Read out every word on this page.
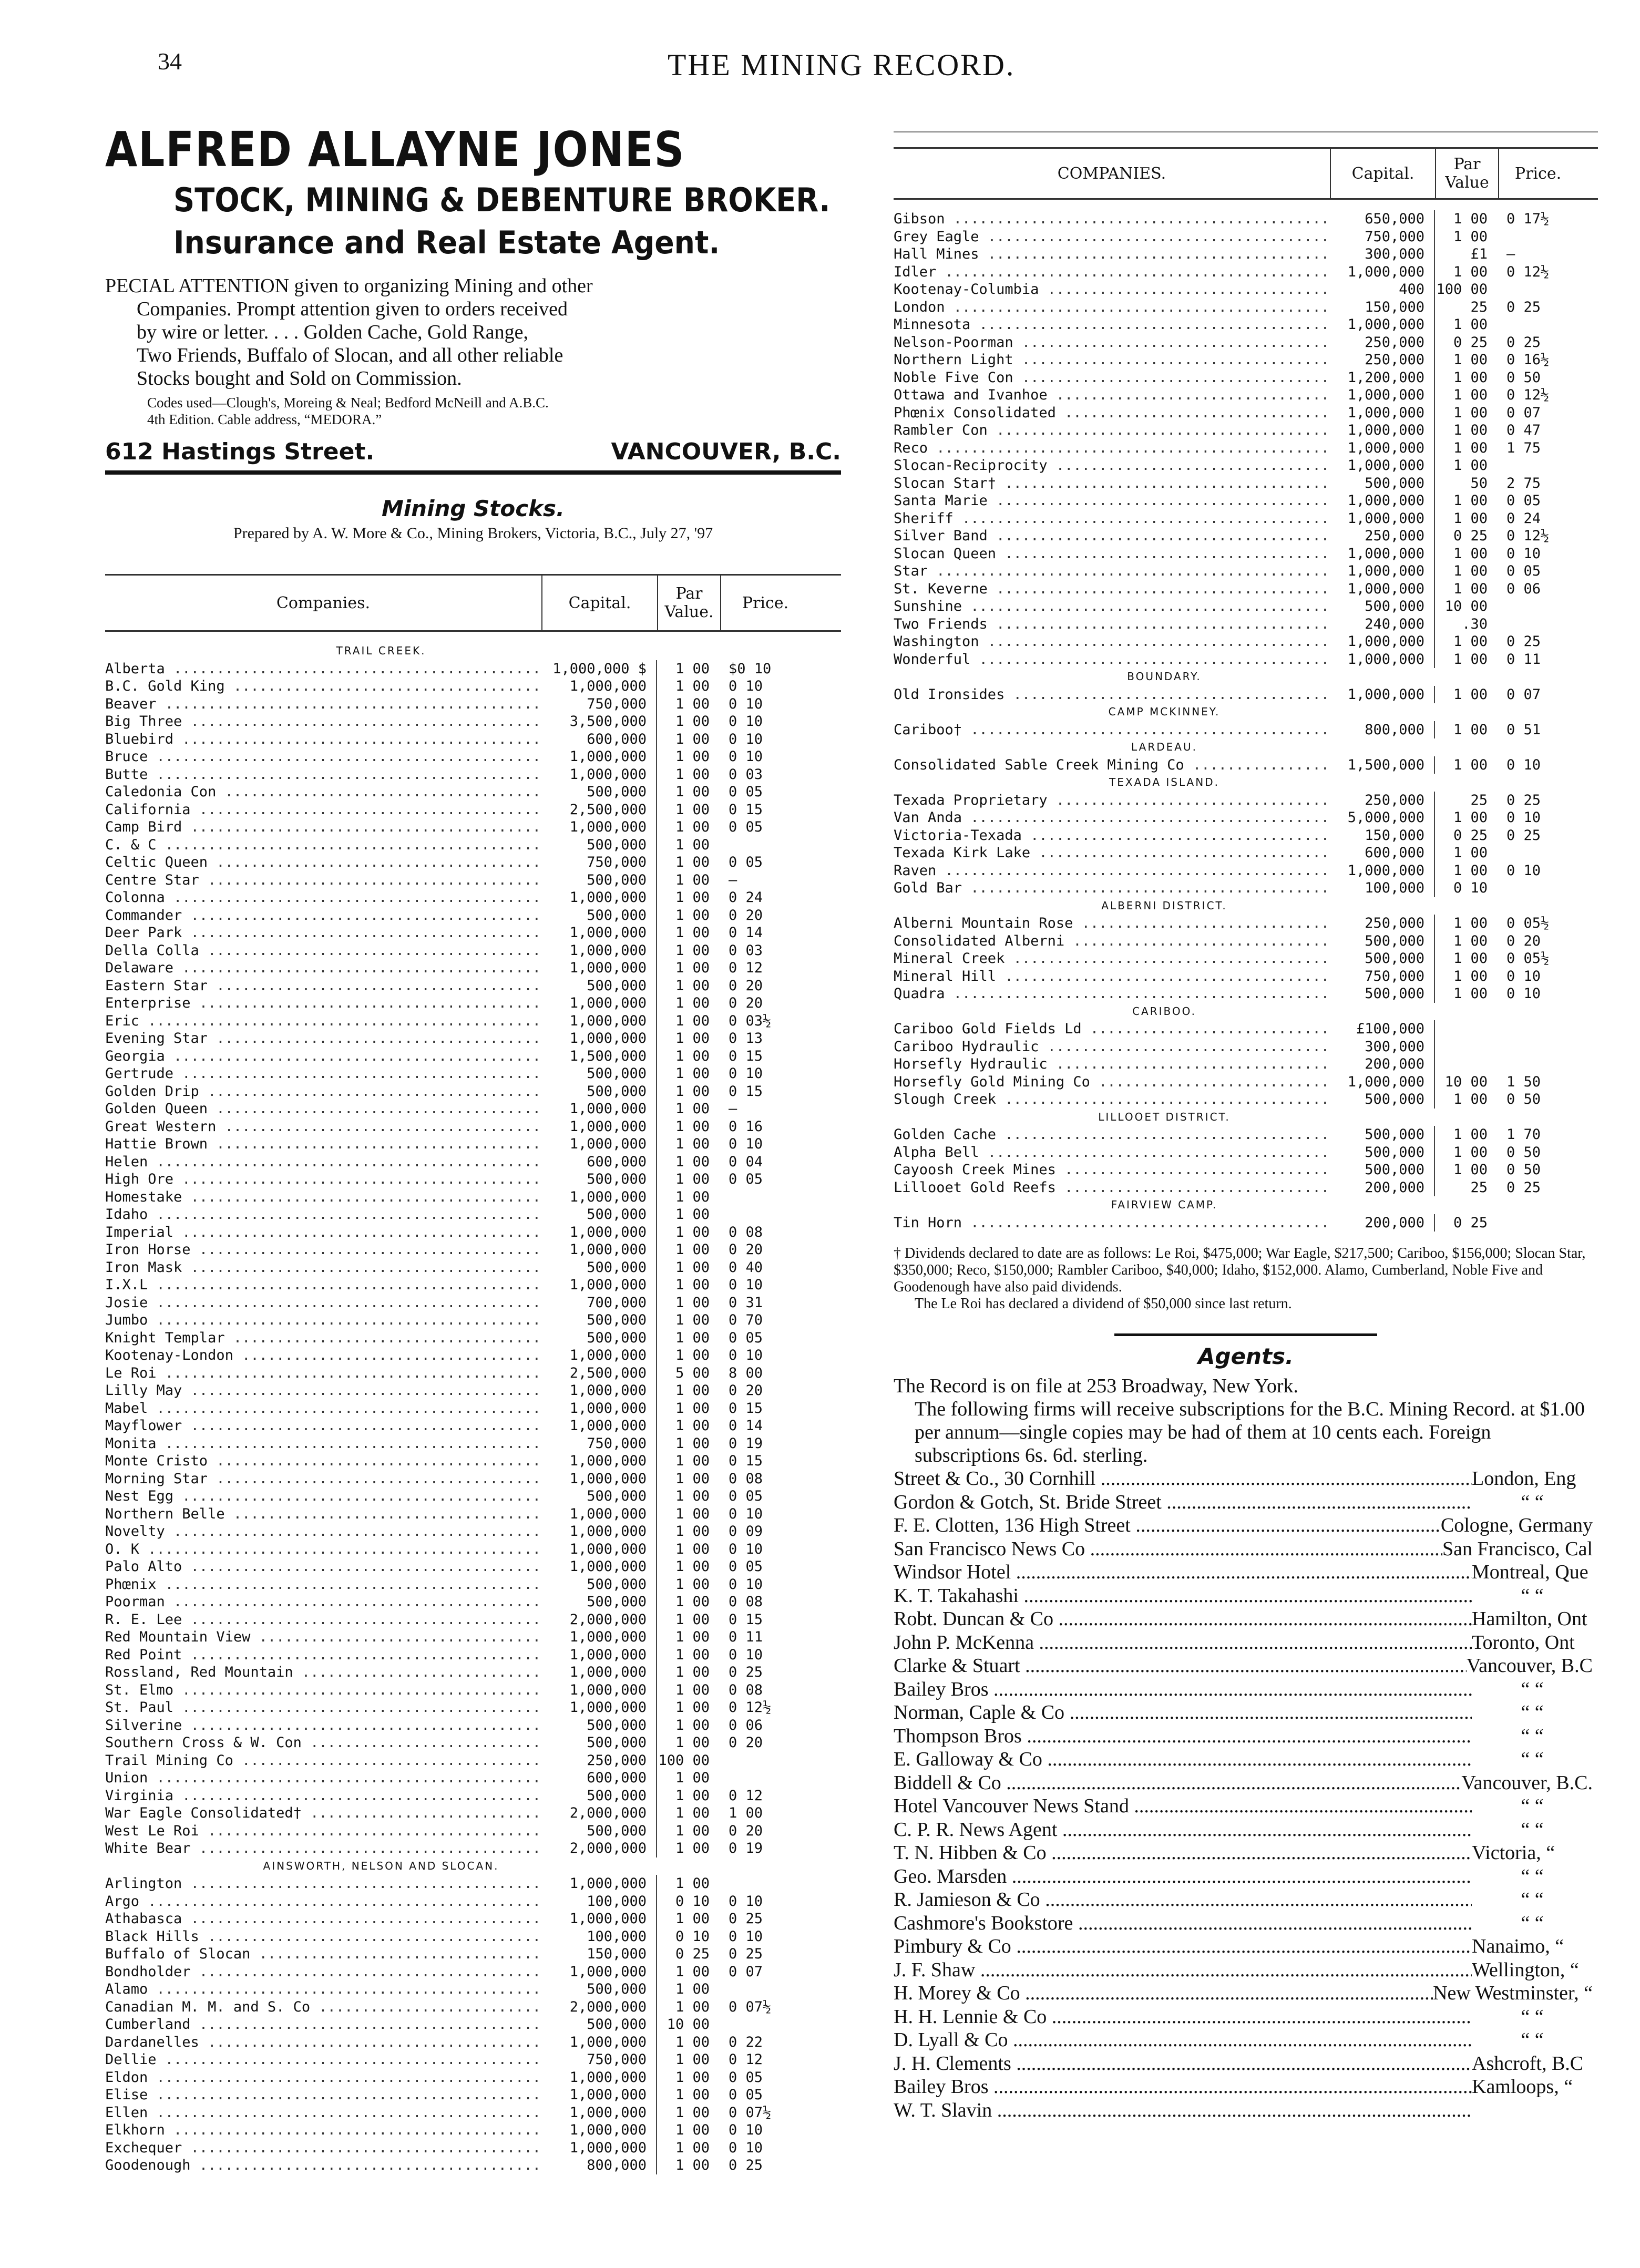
34	THE MINING RECORD.
ALFRED ALLAYNE JONES
STOCK, MINING & DEBENTURE BROKER.
Insurance and Real Estate Agent.

PECIAL ATTENTION given to organizing Mining and other

Companies. Prompt attention given to orders received

by wire or letter. . . . Golden Cache, Gold Range,

Two Friends, Buffalo of Slocan, and all other reliable

Stocks bought and Sold on Commission.

Codes used—Clough's, Moreing & Neal; Bedford McNeill and A.B.C.
4th Edition. Cable address, “MEDORA.”
612 Hastings Street.	VANCOUVER, B.C.
Mining Stocks.
Prepared by A. W. More & Co., Mining Brokers, Victoria, B.C., July 27, '97
Companies.	Capital.	Par Value.	Price.
TRAIL CREEK.
Alberta .....	1,000,000 $	1 00	$0 10
B.C. Gold King .....	1,000,000	1 00	0 10
Beaver .....	750,000	1 00	0 10
Big Three .....	3,500,000	1 00	0 10
Bluebird .....	600,000	1 00	0 10
Bruce .....	1,000,000	1 00	0 10
Butte .....	1,000,000	1 00	0 03
Caledonia Con .....	500,000	1 00	0 05
California .....	2,500,000	1 00	0 15
Camp Bird .....	1,000,000	1 00	0 05
C. & C .....	500,000	1 00
Celtic Queen .....	750,000	1 00	0 05
Centre Star .....	500,000	1 00	—
Colonna .....	1,000,000	1 00	0 24
Commander .....	500,000	1 00	0 20
Deer Park .....	1,000,000	1 00	0 14
Della Colla .....	1,000,000	1 00	0 03
Delaware .....	1,000,000	1 00	0 12
Eastern Star .....	500,000	1 00	0 20
Enterprise .....	1,000,000	1 00	0 20
Eric .....	1,000,000	1 00	0 03½
Evening Star .....	1,000,000	1 00	0 13
Georgia .....	1,500,000	1 00	0 15
Gertrude .....	500,000	1 00	0 10
Golden Drip .....	500,000	1 00	0 15
Golden Queen .....	1,000,000	1 00	—
Great Western .....	1,000,000	1 00	0 16
Hattie Brown .....	1,000,000	1 00	0 10
Helen .....	600,000	1 00	0 04
High Ore .....	500,000	1 00	0 05
Homestake .....	1,000,000	1 00
Idaho .....	500,000	1 00
Imperial .....	1,000,000	1 00	0 08
Iron Horse .....	1,000,000	1 00	0 20
Iron Mask .....	500,000	1 00	0 40
I.X.L .....	1,000,000	1 00	0 10
Josie .....	700,000	1 00	0 31
Jumbo .....	500,000	1 00	0 70
Knight Templar .....	500,000	1 00	0 05
Kootenay-London .....	1,000,000	1 00	0 10
Le Roi .....	2,500,000	5 00	8 00
Lilly May .....	1,000,000	1 00	0 20
Mabel .....	1,000,000	1 00	0 15
Mayflower .....	1,000,000	1 00	0 14
Monita .....	750,000	1 00	0 19
Monte Cristo .....	1,000,000	1 00	0 15
Morning Star .....	1,000,000	1 00	0 08
Nest Egg .....	500,000	1 00	0 05
Northern Belle .....	1,000,000	1 00	0 10
Novelty .....	1,000,000	1 00	0 09
O. K .....	1,000,000	1 00	0 10
Palo Alto .....	1,000,000	1 00	0 05
Phœnix .....	500,000	1 00	0 10
Poorman .....	500,000	1 00	0 08
R. E. Lee .....	2,000,000	1 00	0 15
Red Mountain View .....	1,000,000	1 00	0 11
Red Point .....	1,000,000	1 00	0 10
Rossland, Red Mountain .....	1,000,000	1 00	0 25
St. Elmo .....	1,000,000	1 00	0 08
St. Paul .....	1,000,000	1 00	0 12½
Silverine .....	500,000	1 00	0 06
Southern Cross & W. Con .....	500,000	1 00	0 20
Trail Mining Co .....	250,000 100 00
Union .....	600,000	1 00
Virginia .....	500,000	1 00	0 12
War Eagle Consolidated† .....	2,000,000	1 00	1 00
West Le Roi .....	500,000	1 00	0 20
White Bear .....	2,000,000	1 00	0 19
AINSWORTH, NELSON AND SLOCAN.
Arlington .....	1,000,000	1 00
Argo .....	100,000	0 10	0 10
Athabasca .....	1,000,000	1 00	0 25
Black Hills .....	100,000	0 10	0 10
Buffalo of Slocan .....	150,000	0 25	0 25
Bondholder .....	1,000,000	1 00	0 07
Alamo .....	500,000	1 00
Canadian M. M. and S. Co .....	2,000,000	1 00	0 07½
Cumberland .....	500,000	10 00
Dardanelles .....	1,000,000	1 00	0 22
Dellie .....	750,000	1 00	0 12
Eldon .....	1,000,000	1 00	0 05
Elise .....	1,000,000	1 00	0 05
Ellen .....	1,000,000	1 00	0 07½
Elkhorn .....	1,000,000	1 00	0 10
Exchequer .....	1,000,000	1 00	0 10
Goodenough .....	800,000	1 00	0 25
COMPANIES.	Capital.	Par Value	Price.
Gibson .....	650,000	1 00	0 17½
Grey Eagle .....	750,000	1 00
Hall Mines .....	300,000	£1	—
Idler .....	1,000,000	1 00	0 12½
Kootenay-Columbia .....	400 100 00
London .....	150,000	25	0 25
Minnesota .....	1,000,000	1 00
Nelson-Poorman .....	250,000	0 25	0 25
Northern Light .....	250,000	1 00	0 16½
Noble Five Con .....	1,200,000	1 00	0 50
Ottawa and Ivanhoe .....	1,000,000	1 00	0 12½
Phœnix Consolidated .....	1,000,000	1 00	0 07
Rambler Con .....	1,000,000	1 00	0 47
Reco .....	1,000,000	1 00	1 75
Slocan-Reciprocity .....	1,000,000	1 00
Slocan Star† .....	500,000	50	2 75
Santa Marie .....	1,000,000	1 00	0 05
Sheriff .....	1,000,000	1 00	0 24
Silver Band .....	250,000	0 25	0 12½
Slocan Queen .....	1,000,000	1 00	0 10
Star .....	1,000,000	1 00	0 05
St. Keverne .....	1,000,000	1 00	0 06
Sunshine .....	500,000	10 00
Two Friends .....	240,000	.30
Washington .....	1,000,000	1 00	0 25
Wonderful .....	1,000,000	1 00	0 11
BOUNDARY.
Old Ironsides .....	1,000,000	1 00	0 07
CAMP MCKINNEY.
Cariboo† .....	800,000	1 00	0 51
LARDEAU.
Consolidated Sable Creek Mining Co .....	1,500,000	1 00	0 10
TEXADA ISLAND.
Texada Proprietary .....	250,000	25	0 25
Van Anda .....	5,000,000	1 00	0 10
Victoria-Texada .....	150,000	0 25	0 25
Texada Kirk Lake .....	600,000	1 00
Raven .....	1,000,000	1 00	0 10
Gold Bar .....	100,000	0 10
ALBERNI DISTRICT.
Alberni Mountain Rose .....	250,000	1 00	0 05½
Consolidated Alberni .....	500,000	1 00	0 20
Mineral Creek .....	500,000	1 00	0 05½
Mineral Hill .....	750,000	1 00	0 10
Quadra .....	500,000	1 00	0 10
CARIBOO.
Cariboo Gold Fields Ld .....	£100,000
Cariboo Hydraulic .....	300,000
Horsefly Hydraulic .....	200,000
Horsefly Gold Mining Co .....	1,000,000	10 00	1 50
Slough Creek .....	500,000	1 00	0 50
LILLOOET DISTRICT.
Golden Cache .....	500,000	1 00	1 70
Alpha Bell .....	500,000	1 00	0 50
Cayoosh Creek Mines .....	500,000	1 00	0 50
Lillooet Gold Reefs .....	200,000	25	0 25
FAIRVIEW CAMP.
Tin Horn .....	200,000	0 25
† Dividends declared to date are as follows: Le Roi, $475,000; War Eagle, $217,500; Cariboo, $156,000; Slocan Star, $350,000; Reco, $150,000; Rambler Cariboo, $40,000; Idaho, $152,000. Alamo, Cumberland, Noble Five and Goodenough have also paid dividends.
The Le Roi has declared a dividend of $50,000 since last return.
Agents.
The Record is on file at 253 Broadway, New York.
The following firms will receive subscriptions for the B.C. Mining Record. at $1.00 per annum—single copies may be had of them at 10 cents each. Foreign subscriptions 6s. 6d. sterling.
Street & Co., 30 Cornhill .....	London, Eng
Gordon & Gotch, St. Bride Street .....	“ “
F. E. Clotten, 136 High Street .....	Cologne, Germany
San Francisco News Co .....	San Francisco, Cal
Windsor Hotel .....	Montreal, Que
K. T. Takahashi .....	“ “
Robt. Duncan & Co .....	Hamilton, Ont
John P. McKenna .....	Toronto, Ont
Clarke & Stuart .....	Vancouver, B.C
Bailey Bros .....	“ “
Norman, Caple & Co .....	“ “
Thompson Bros .....	“ “
E. Galloway & Co .....	“ “
Biddell & Co .....	Vancouver, B.C.
Hotel Vancouver News Stand .....	“ “
C. P. R. News Agent .....	“ “
T. N. Hibben & Co .....	Victoria, “
Geo. Marsden .....	“ “
R. Jamieson & Co .....	“ “
Cashmore's Bookstore .....	“ “
Pimbury & Co .....	Nanaimo, “
J. F. Shaw .....	Wellington, “
H. Morey & Co .....	New Westminster, “
H. H. Lennie & Co .....	“ “
D. Lyall & Co .....	“ “
J. H. Clements .....	Ashcroft, B.C
Bailey Bros .....	Kamloops, “
W. T. Slavin .....
